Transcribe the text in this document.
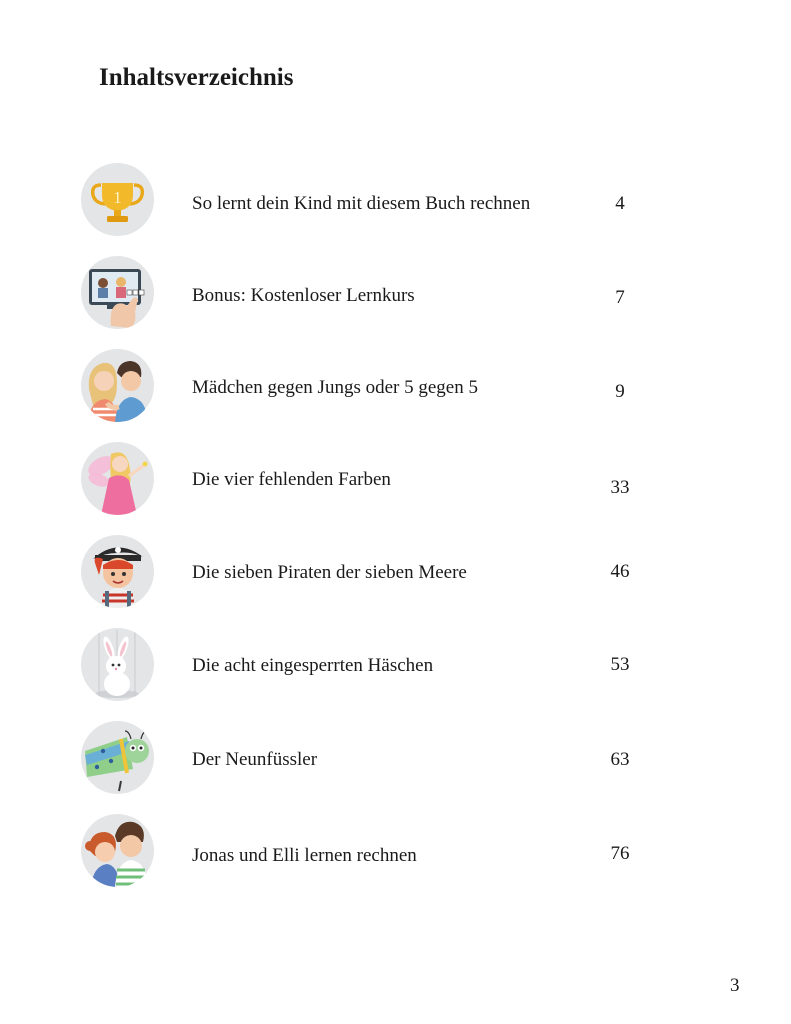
Inhaltsverzeichnis
1	So lernt dein Kind mit diesem Buch rechnen	4
Bonus: Kostenloser Lernkurs	7
Mädchen gegen Jungs oder 5 gegen 5	9
Die vier fehlenden Farben	33
Die sieben Piraten der sieben Meere	46
Die acht eingesperrten Häschen	53
Der Neunfüssler	63
Jonas und Elli lernen rechnen	76
3
